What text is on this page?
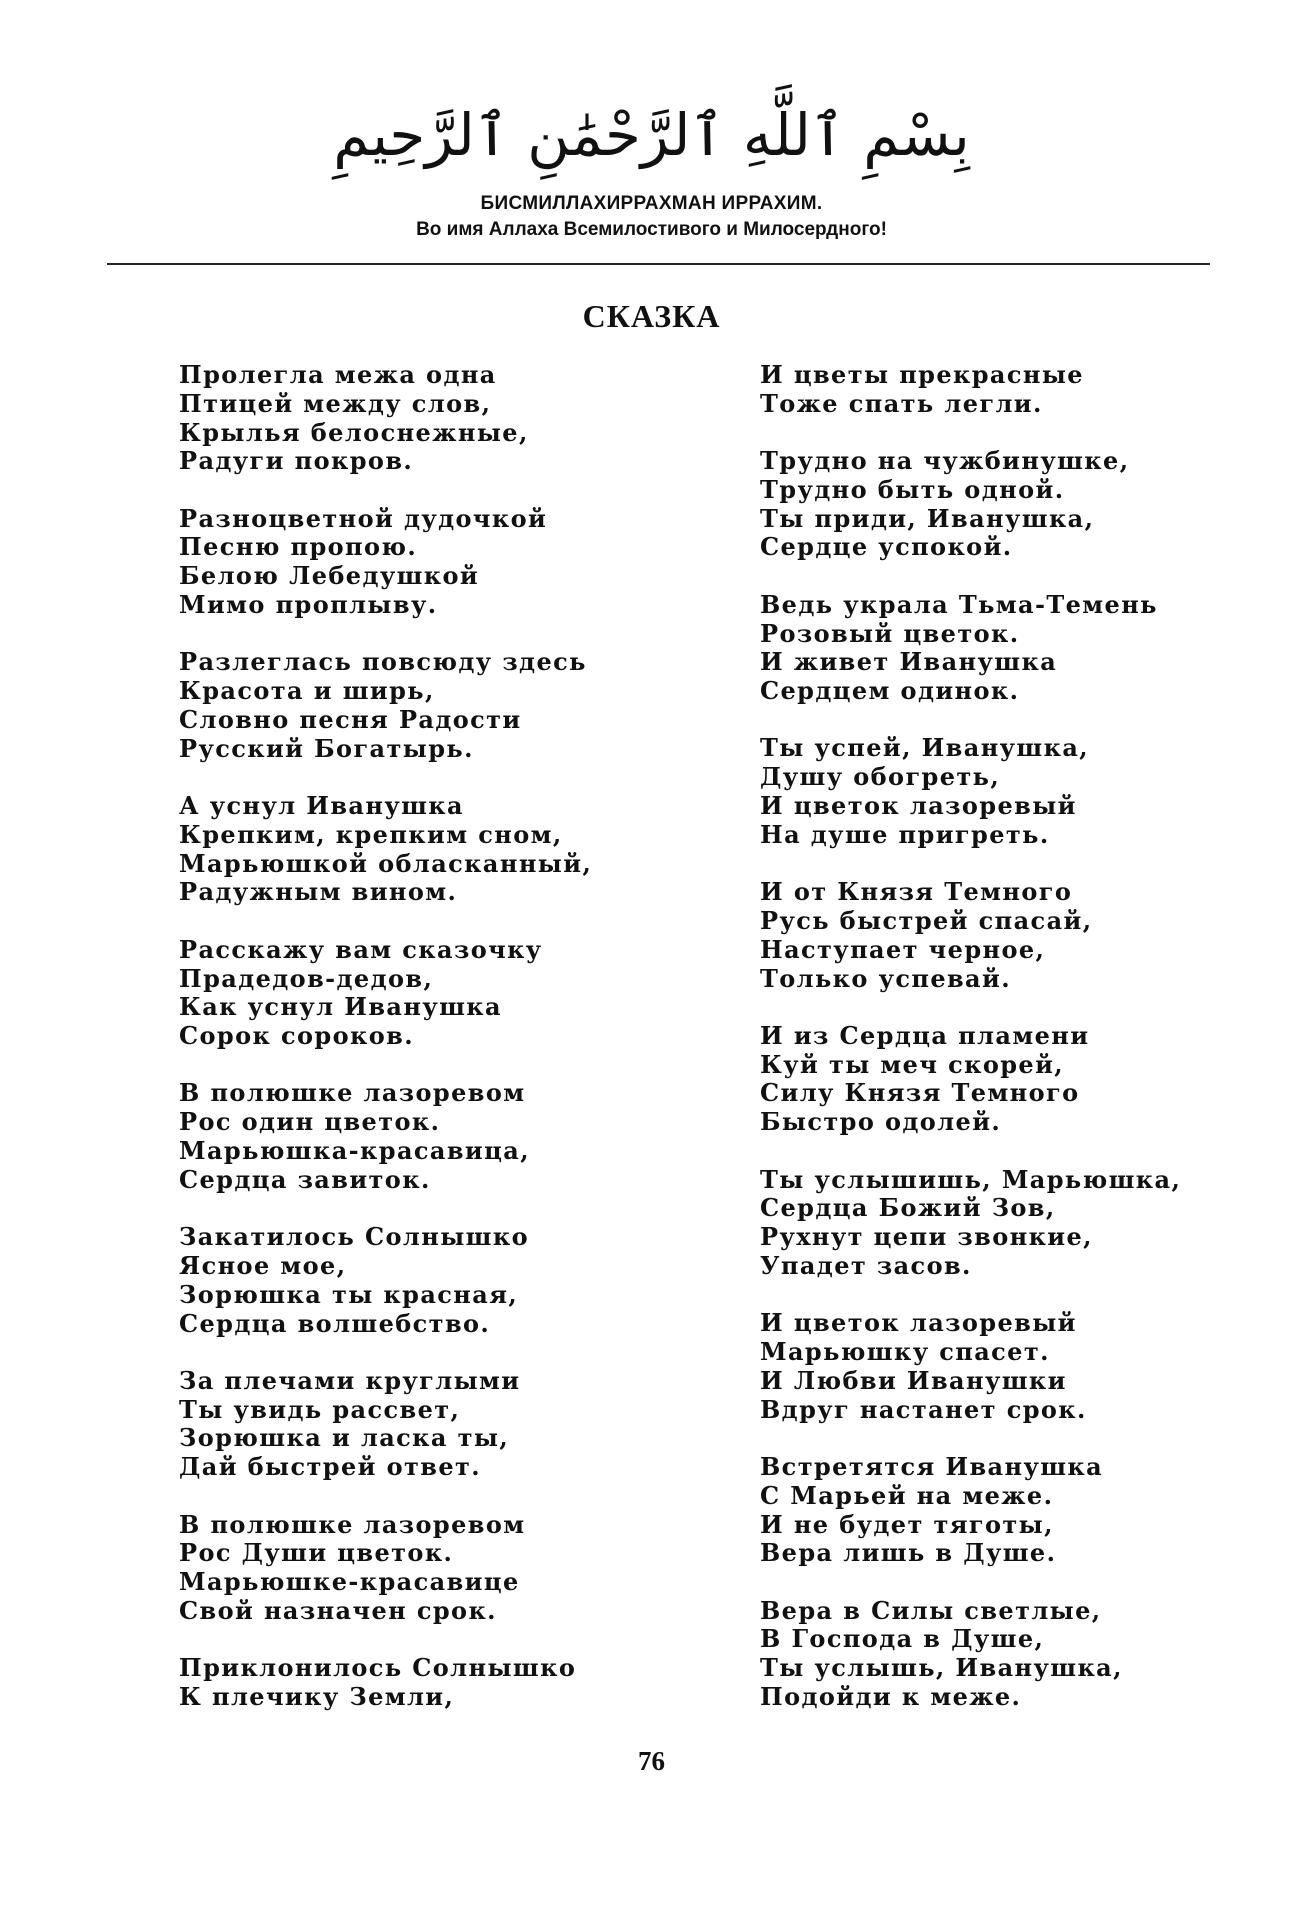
بِسْمِ ٱللَّهِ ٱلرَّحْمَٰنِ ٱلرَّحِيمِ
БИСМИЛЛАХИРРАХМАН ИРРАХИМ.
Во имя Аллаха Всемилостивого и Милосердного!
СКАЗКА
Пролегла межа одна
Птицей между слов,
Крылья белоснежные,
Радуги покров.
Разноцветной дудочкой
Песню пропою.
Белою Лебедушкой
Мимо проплыву.
Разлеглась повсюду здесь
Красота и ширь,
Словно песня Радости
Русский Богатырь.
А уснул Иванушка
Крепким, крепким сном,
Марьюшкой обласканный,
Радужным вином.
Расскажу вам сказочку
Прадедов-дедов,
Как уснул Иванушка
Сорок сороков.
В полюшке лазоревом
Рос один цветок.
Марьюшка-красавица,
Сердца завиток.
Закатилось Солнышко
Ясное мое,
Зорюшка ты красная,
Сердца волшебство.
За плечами круглыми
Ты увидь рассвет,
Зорюшка и ласка ты,
Дай быстрей ответ.
В полюшке лазоревом
Рос Души цветок.
Марьюшке-красавице
Свой назначен срок.
Приклонилось Солнышко
К плечику Земли,
И цветы прекрасные
Тоже спать легли.
Трудно на чужбинушке,
Трудно быть одной.
Ты приди, Иванушка,
Сердце успокой.
Ведь украла Тьма-Темень
Розовый цветок.
И живет Иванушка
Сердцем одинок.
Ты успей, Иванушка,
Душу обогреть,
И цветок лазоревый
На душе пригреть.
И от Князя Темного
Русь быстрей спасай,
Наступает черное,
Только успевай.
И из Сердца пламени
Куй ты меч скорей,
Силу Князя Темного
Быстро одолей.
Ты услышишь, Марьюшка,
Сердца Божий Зов,
Рухнут цепи звонкие,
Упадет засов.
И цветок лазоревый
Марьюшку спасет.
И Любви Иванушки
Вдруг настанет срок.
Встретятся Иванушка
С Марьей на меже.
И не будет тяготы,
Вера лишь в Душе.
Вера в Силы светлые,
В Господа в Душе,
Ты услышь, Иванушка,
Подойди к меже.
76
